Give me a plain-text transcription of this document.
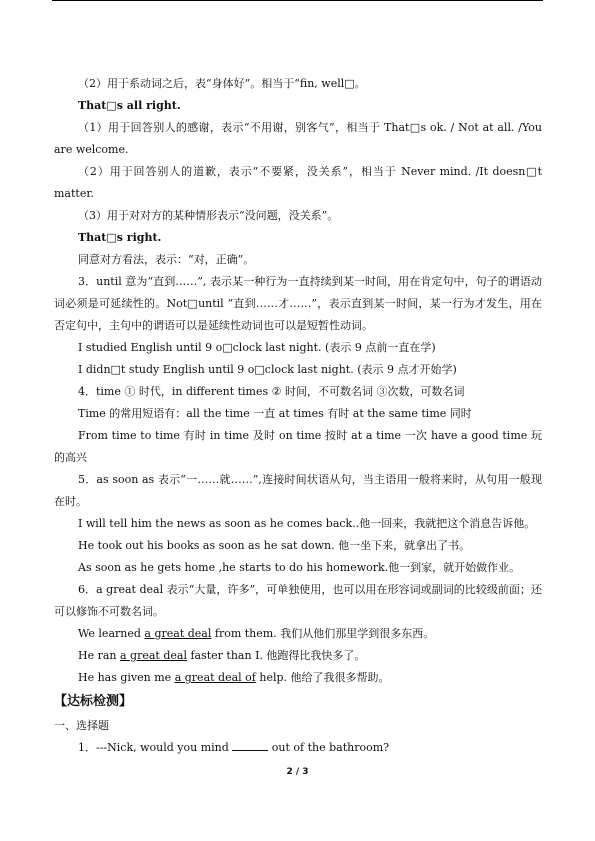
（2）用于系动词之后，表“身体好”。相当于“fin, well□。

That□s all right.

（1）用于回答别人的感谢，表示“不用谢，别客气”，相当于 That□s ok. / Not at all. /You are welcome.

（2）用于回答别人的道歉，表示“不要紧，没关系”，相当于 Never mind. /It doesn□t matter.

（3）用于对对方的某种情形表示“没问题，没关系”。

That□s right.

同意对方看法，表示：“对，正确”。

3．until 意为“直到……”, 表示某一种行为一直持续到某一时间，用在肯定句中，句子的谓语动词必须是可延续性的。Not□until “直到……才……”，表示直到某一时间，某一行为才发生，用在否定句中，主句中的谓语可以是延续性动词也可以是短暂性动词。

I studied English until 9 o□clock last night. (表示 9 点前一直在学)

I didn□t study English until 9 o□clock last night. (表示 9 点才开始学)

4．time ① 时代，in different times ② 时间，不可数名词 ③次数，可数名词

Time 的常用短语有：all the time 一直 at times 有时 at the same time 同时

From time to time 有时 in time 及时 on time 按时 at a time 一次 have a good time 玩的高兴

5．as soon as 表示“一……就……”,连接时间状语从句，当主语用一般将来时，从句用一般现在时。

I will tell him the news as soon as he comes back..他一回来，我就把这个消息告诉他。

He took out his books as soon as he sat down. 他一坐下来，就拿出了书。

As soon as he gets home ,he starts to do his homework.他一到家，就开始做作业。

6．a great deal 表示“大量，许多”，可单独使用，也可以用在形容词或副词的比较级前面；还可以修饰不可数名词。

We learned a great deal from them. 我们从他们那里学到很多东西。

He ran a great deal faster than I. 他跑得比我快多了。

He has given me a great deal of help. 他给了我很多帮助。

【达标检测】

一、选择题

1．---Nick, would you mind	out of the bathroom?

2 / 3
